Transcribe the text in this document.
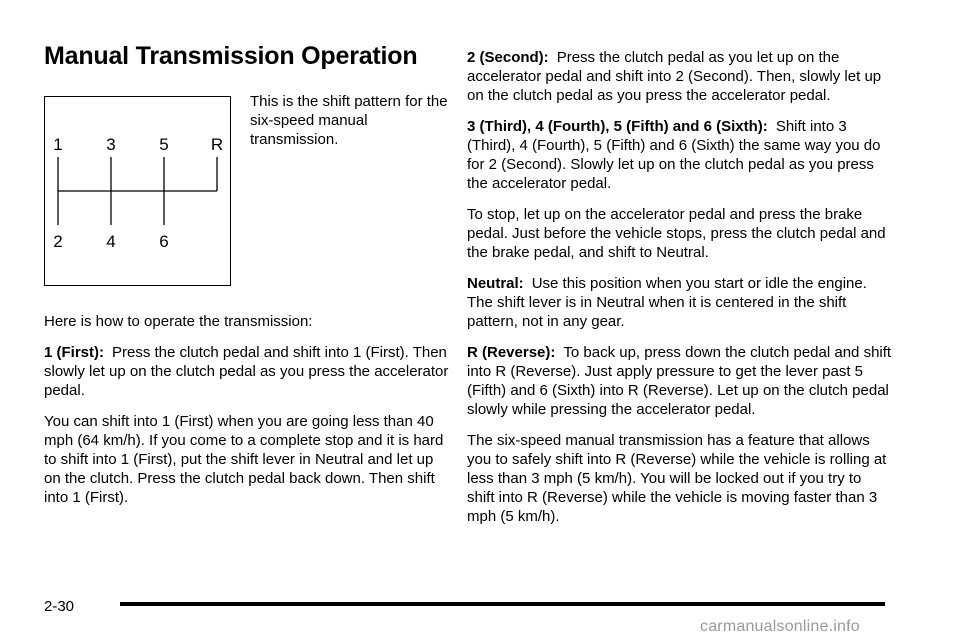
Manual Transmission Operation
1	3	5 R
2	4	6
This is the shift pattern for the six-speed manual transmission.

Here is how to operate the transmission:

1 (First): Press the clutch pedal and shift into 1 (First). Then slowly let up on the clutch pedal as you press the accelerator pedal.

You can shift into 1 (First) when you are going less than 40 mph (64 km/h). If you come to a complete stop and it is hard to shift into 1 (First), put the shift lever in Neutral and let up on the clutch. Press the clutch pedal back down. Then shift into 1 (First).

2 (Second): Press the clutch pedal as you let up on the accelerator pedal and shift into 2 (Second). Then, slowly let up on the clutch pedal as you press the accelerator pedal.

3 (Third), 4 (Fourth), 5 (Fifth) and 6 (Sixth): Shift into 3 (Third), 4 (Fourth), 5 (Fifth) and 6 (Sixth) the same way you do for 2 (Second). Slowly let up on the clutch pedal as you press the accelerator pedal.

To stop, let up on the accelerator pedal and press the brake pedal. Just before the vehicle stops, press the clutch pedal and the brake pedal, and shift to Neutral.

Neutral: Use this position when you start or idle the engine. The shift lever is in Neutral when it is centered in the shift pattern, not in any gear.

R (Reverse): To back up, press down the clutch pedal and shift into R (Reverse). Just apply pressure to get the lever past 5 (Fifth) and 6 (Sixth) into R (Reverse). Let up on the clutch pedal slowly while pressing the accelerator pedal.

The six-speed manual transmission has a feature that allows you to safely shift into R (Reverse) while the vehicle is rolling at less than 3 mph (5 km/h). You will be locked out if you try to shift into R (Reverse) while the vehicle is moving faster than 3 mph (5 km/h).

2-30
carmanualsonline.info
